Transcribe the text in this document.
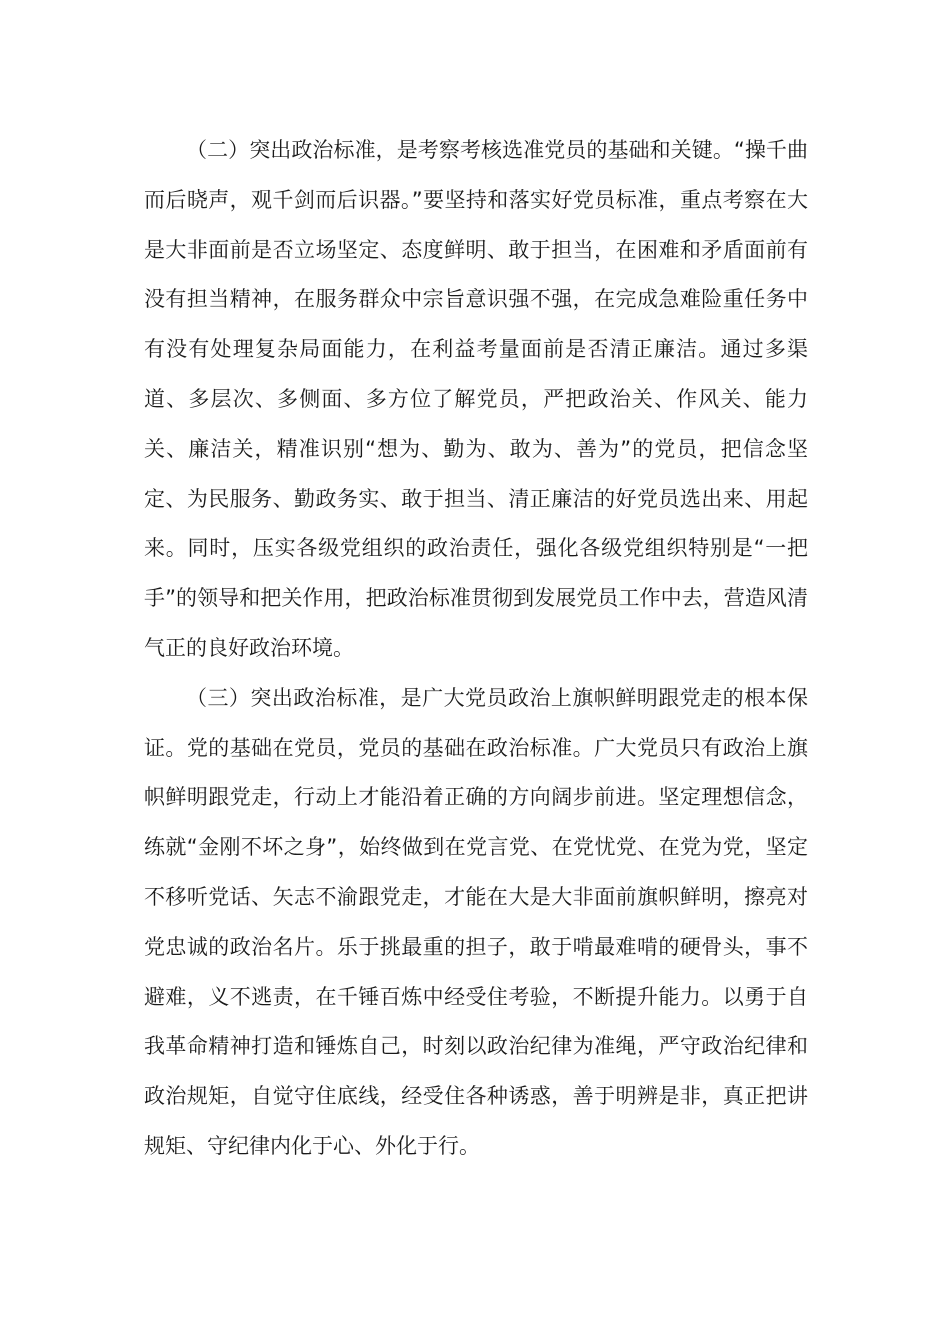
（二）突出政治标准，是考察考核选准党员的基础和关键。“操千曲而后晓声，观千剑而后识器。”要坚持和落实好党员标准，重点考察在大是大非面前是否立场坚定、态度鲜明、敢于担当，在困难和矛盾面前有没有担当精神，在服务群众中宗旨意识强不强，在完成急难险重任务中有没有处理复杂局面能力，在利益考量面前是否清正廉洁。通过多渠道、多层次、多侧面、多方位了解党员，严把政治关、作风关、能力关、廉洁关，精准识别“想为、勤为、敢为、善为”的党员，把信念坚定、为民服务、勤政务实、敢于担当、清正廉洁的好党员选出来、用起来。同时，压实各级党组织的政治责任，强化各级党组织特别是“一把手”的领导和把关作用，把政治标准贯彻到发展党员工作中去，营造风清气正的良好政治环境。

（三）突出政治标准，是广大党员政治上旗帜鲜明跟党走的根本保证。党的基础在党员，党员的基础在政治标准。广大党员只有政治上旗帜鲜明跟党走，行动上才能沿着正确的方向阔步前进。坚定理想信念，练就“金刚不坏之身”，始终做到在党言党、在党忧党、在党为党，坚定不移听党话、矢志不渝跟党走，才能在大是大非面前旗帜鲜明，擦亮对党忠诚的政治名片。乐于挑最重的担子，敢于啃最难啃的硬骨头，事不避难，义不逃责，在千锤百炼中经受住考验，不断提升能力。以勇于自我革命精神打造和锤炼自己，时刻以政治纪律为准绳，严守政治纪律和政治规矩，自觉守住底线，经受住各种诱惑，善于明辨是非，真正把讲规矩、守纪律内化于心、外化于行。
